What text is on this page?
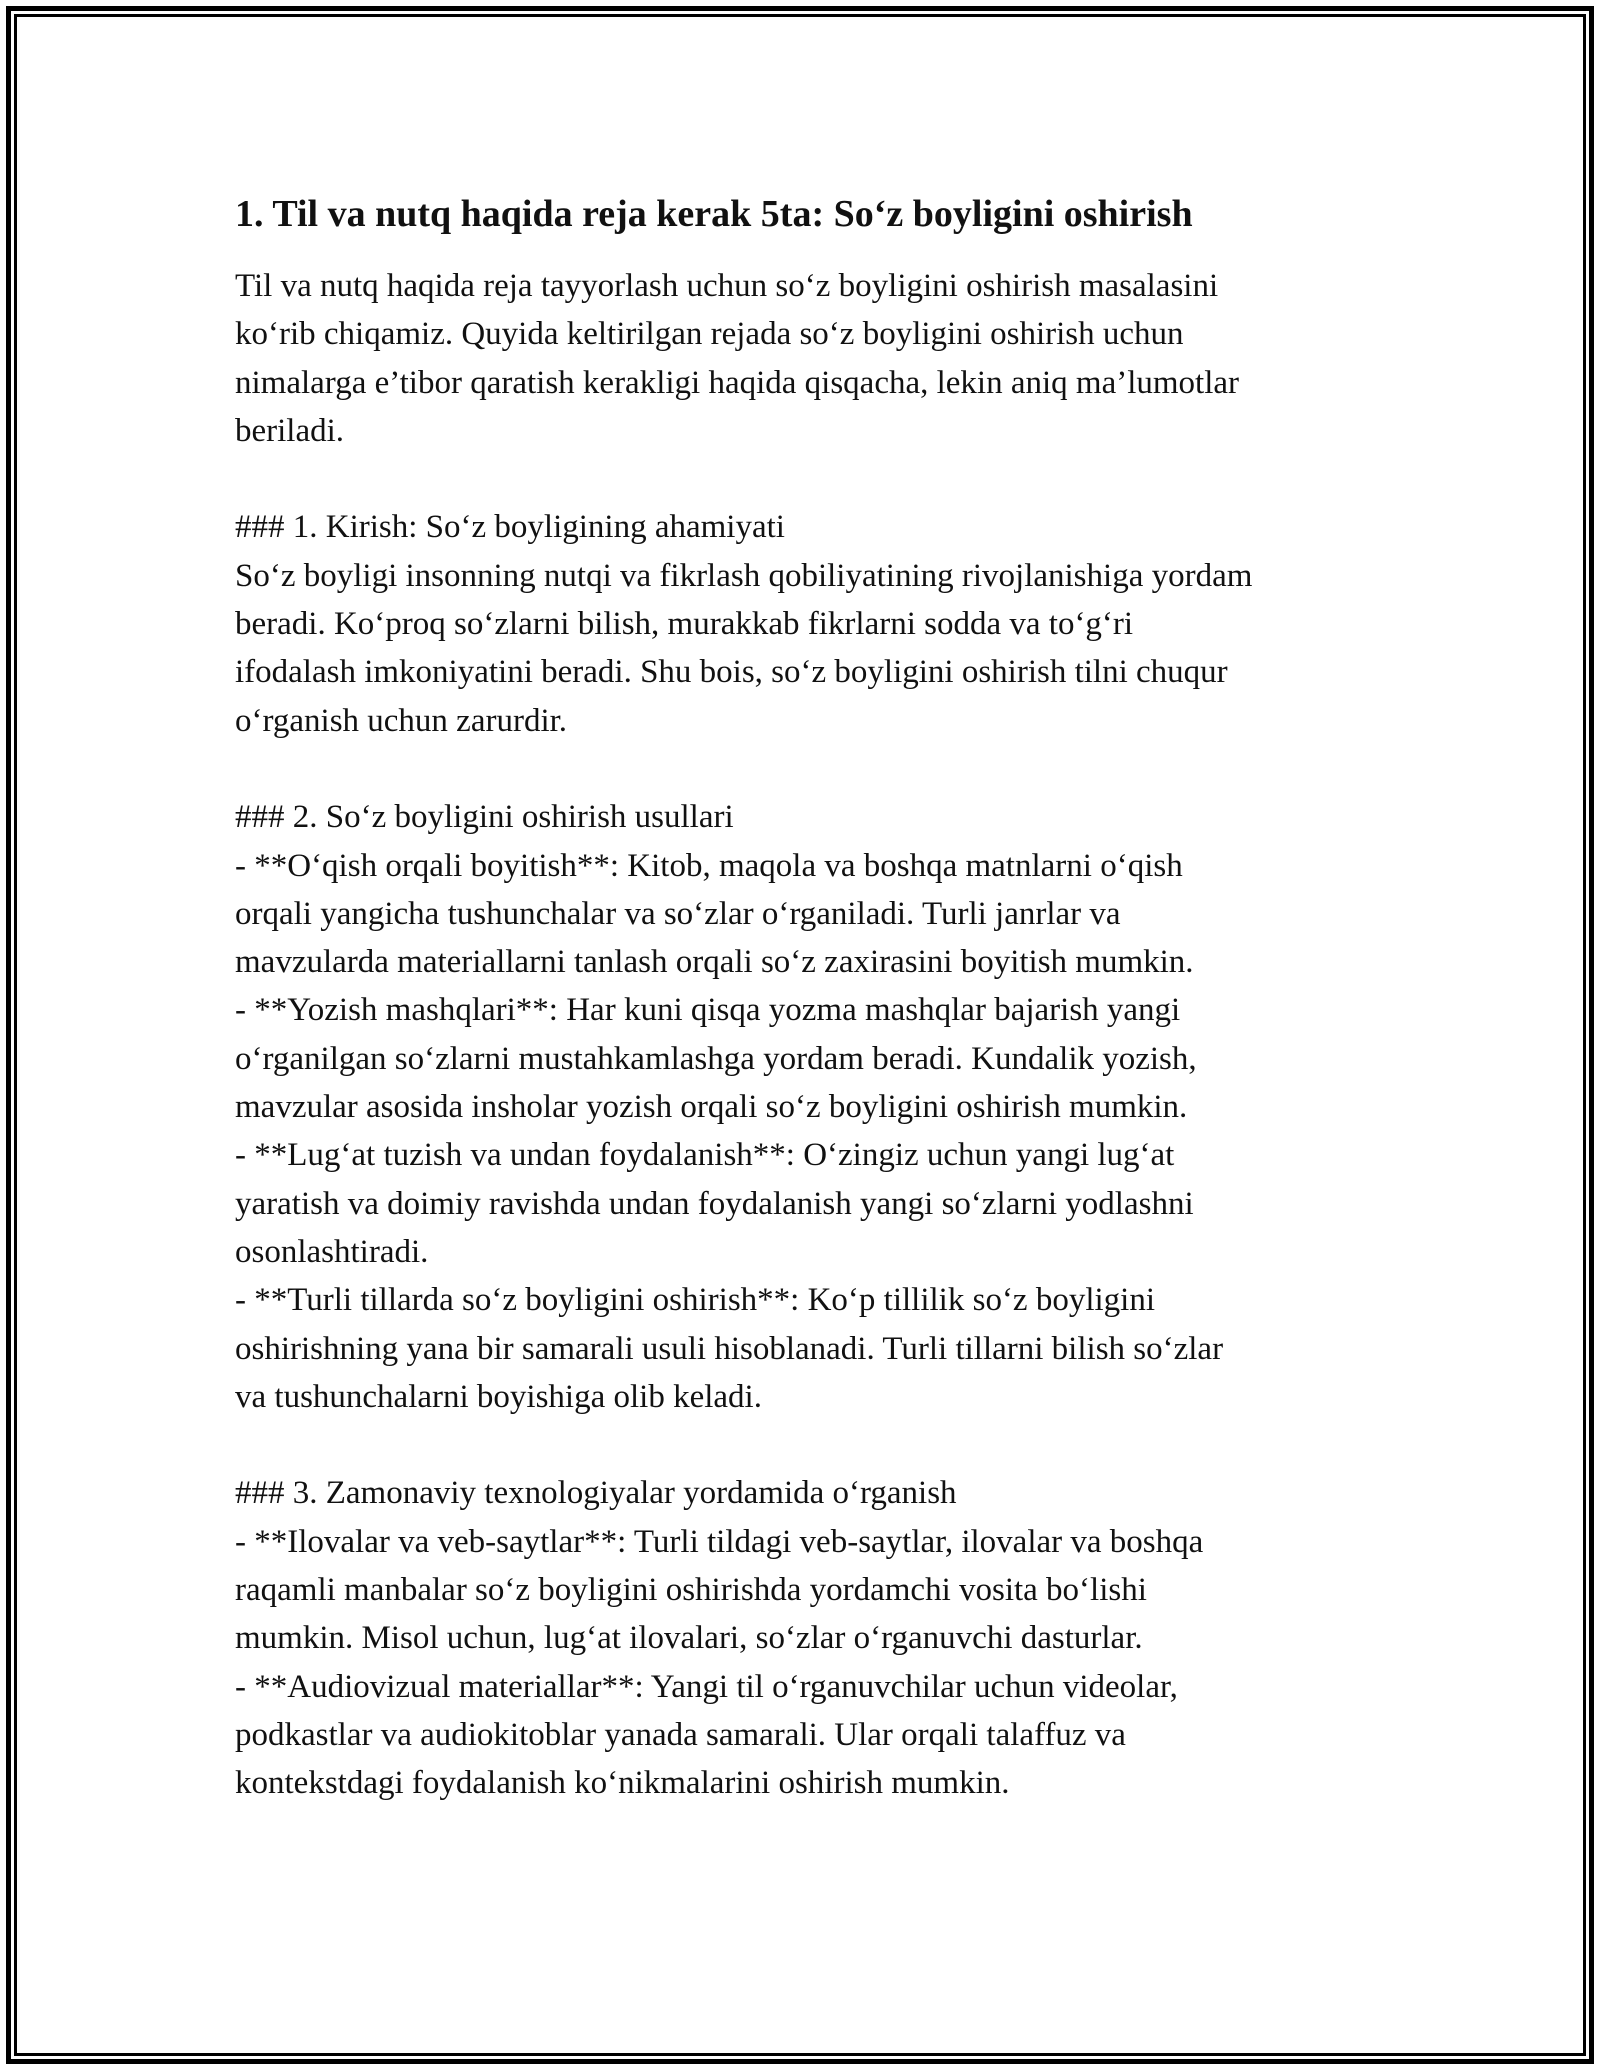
1. Til va nutq haqida reja kerak 5ta: So‘z boyligini oshirish
Til va nutq haqida reja tayyorlash uchun so‘z boyligini oshirish masalasini
ko‘rib chiqamiz. Quyida keltirilgan rejada so‘z boyligini oshirish uchun
nimalarga e’tibor qaratish kerakligi haqida qisqacha, lekin aniq ma’lumotlar
beriladi.

### 1. Kirish: So‘z boyligining ahamiyati
So‘z boyligi insonning nutqi va fikrlash qobiliyatining rivojlanishiga yordam
beradi. Ko‘proq so‘zlarni bilish, murakkab fikrlarni sodda va to‘g‘ri
ifodalash imkoniyatini beradi. Shu bois, so‘z boyligini oshirish tilni chuqur
o‘rganish uchun zarurdir.

### 2. So‘z boyligini oshirish usullari
- **O‘qish orqali boyitish**: Kitob, maqola va boshqa matnlarni o‘qish
orqali yangicha tushunchalar va so‘zlar o‘rganiladi. Turli janrlar va
mavzularda materiallarni tanlash orqali so‘z zaxirasini boyitish mumkin.
- **Yozish mashqlari**: Har kuni qisqa yozma mashqlar bajarish yangi
o‘rganilgan so‘zlarni mustahkamlashga yordam beradi. Kundalik yozish,
mavzular asosida insholar yozish orqali so‘z boyligini oshirish mumkin.
- **Lug‘at tuzish va undan foydalanish**: O‘zingiz uchun yangi lug‘at
yaratish va doimiy ravishda undan foydalanish yangi so‘zlarni yodlashni
osonlashtiradi.
- **Turli tillarda so‘z boyligini oshirish**: Ko‘p tillilik so‘z boyligini
oshirishning yana bir samarali usuli hisoblanadi. Turli tillarni bilish so‘zlar
va tushunchalarni boyishiga olib keladi.

### 3. Zamonaviy texnologiyalar yordamida o‘rganish
- **Ilovalar va veb-saytlar**: Turli tildagi veb-saytlar, ilovalar va boshqa
raqamli manbalar so‘z boyligini oshirishda yordamchi vosita bo‘lishi
mumkin. Misol uchun, lug‘at ilovalari, so‘zlar o‘rganuvchi dasturlar.
- **Audiovizual materiallar**: Yangi til o‘rganuvchilar uchun videolar,
podkastlar va audiokitoblar yanada samarali. Ular orqali talaffuz va
kontekstdagi foydalanish ko‘nikmalarini oshirish mumkin.
